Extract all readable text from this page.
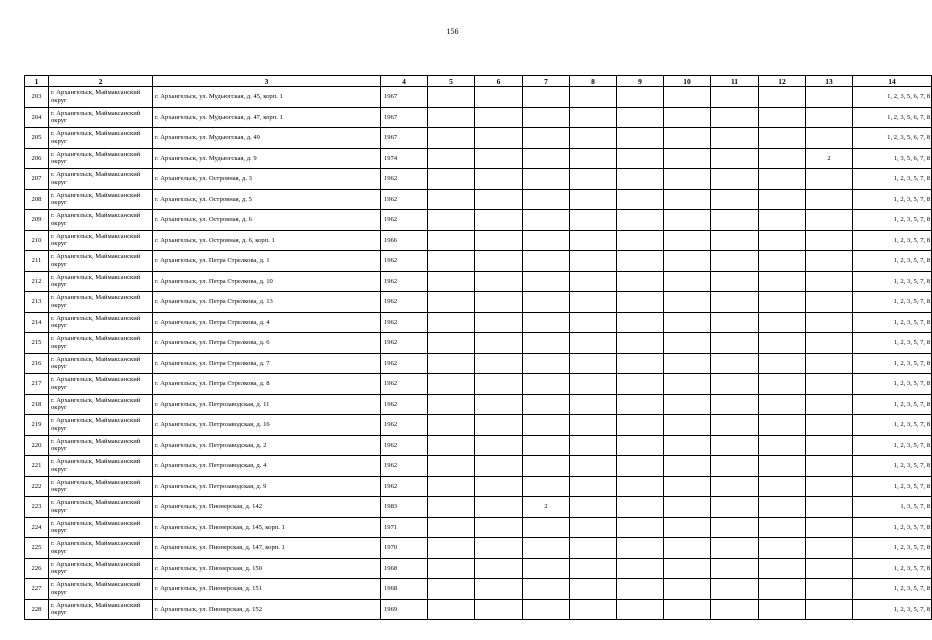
156
1	2	3	4	5	6	7	8	9	10	11	12	13	14
203	г. Архангельск, Маймаксанский округ	г. Архангельск, ул. Мудьюгская, д. 45, корп. 1	1967										1, 2, 3, 5, 6, 7, 8
204	г. Архангельск, Маймаксанский округ	г. Архангельск, ул. Мудьюгская, д. 47, корп. 1	1967										1, 2, 3, 5, 6, 7, 8
205	г. Архангельск, Маймаксанский округ	г. Архангельск, ул. Мудьюгская, д. 49	1967										1, 2, 3, 5, 6, 7, 8
206	г. Архангельск, Маймаксанский округ	г. Архангельск, ул. Мудьюгская, д. 9	1974									2	1, 3, 5, 6, 7, 8
207	г. Архангельск, Маймаксанский округ	г. Архангельск, ул. Островная, д. 3	1962										1, 2, 3, 5, 7, 8
208	г. Архангельск, Маймаксанский округ	г. Архангельск, ул. Островная, д. 5	1962										1, 2, 3, 5, 7, 8
209	г. Архангельск, Маймаксанский округ	г. Архангельск, ул. Островная, д. 6	1962										1, 2, 3, 5, 7, 8
210	г. Архангельск, Маймаксанский округ	г. Архангельск, ул. Островная, д. 6, корп. 1	1966										1, 2, 3, 5, 7, 8
211	г. Архангельск, Маймаксанский округ	г. Архангельск, ул. Петра Стрелкова, д. 1	1962										1, 2, 3, 5, 7, 8
212	г. Архангельск, Маймаксанский округ	г. Архангельск, ул. Петра Стрелкова, д. 10	1962										1, 2, 3, 5, 7, 8
213	г. Архангельск, Маймаксанский округ	г. Архангельск, ул. Петра Стрелкова, д. 13	1962										1, 2, 3, 5, 7, 8
214	г. Архангельск, Маймаксанский округ	г. Архангельск, ул. Петра Стрелкова, д. 4	1962										1, 2, 3, 5, 7, 8
215	г. Архангельск, Маймаксанский округ	г. Архангельск, ул. Петра Стрелкова, д. 6	1962										1, 2, 3, 5, 7, 8
216	г. Архангельск, Маймаксанский округ	г. Архангельск, ул. Петра Стрелкова, д. 7	1962										1, 2, 3, 5, 7, 8
217	г. Архангельск, Маймаксанский округ	г. Архангельск, ул. Петра Стрелкова, д. 8	1962										1, 2, 3, 5, 7, 8
218	г. Архангельск, Маймаксанский округ	г. Архангельск, ул. Петрозаводская, д. 11	1962										1, 2, 3, 5, 7, 8
219	г. Архангельск, Маймаксанский округ	г. Архангельск, ул. Петрозаводская, д. 16	1962										1, 2, 3, 5, 7, 8
220	г. Архангельск, Маймаксанский округ	г. Архангельск, ул. Петрозаводская, д. 2	1962										1, 2, 3, 5, 7, 8
221	г. Архангельск, Маймаксанский округ	г. Архангельск, ул. Петрозаводская, д. 4	1962										1, 2, 3, 5, 7, 8
222	г. Архангельск, Маймаксанский округ	г. Архангельск, ул. Петрозаводская, д. 9	1962										1, 2, 3, 5, 7, 8
223	г. Архангельск, Маймаксанский округ	г. Архангельск, ул. Пионерская, д. 142	1983			2							1, 3, 5, 7, 8
224	г. Архангельск, Маймаксанский округ	г. Архангельск, ул. Пионерская, д. 145, корп. 1	1971										1, 2, 3, 5, 7, 8
225	г. Архангельск, Маймаксанский округ	г. Архангельск, ул. Пионерская, д. 147, корп. 1	1970										1, 2, 3, 5, 7, 8
226	г. Архангельск, Маймаксанский округ	г. Архангельск, ул. Пионерская, д. 150	1968										1, 2, 3, 5, 7, 8
227	г. Архангельск, Маймаксанский округ	г. Архангельск, ул. Пионерская, д. 151	1968										1, 2, 3, 5, 7, 8
228	г. Архангельск, Маймаксанский округ	г. Архангельск, ул. Пионерская, д. 152	1969										1, 2, 3, 5, 7, 8
